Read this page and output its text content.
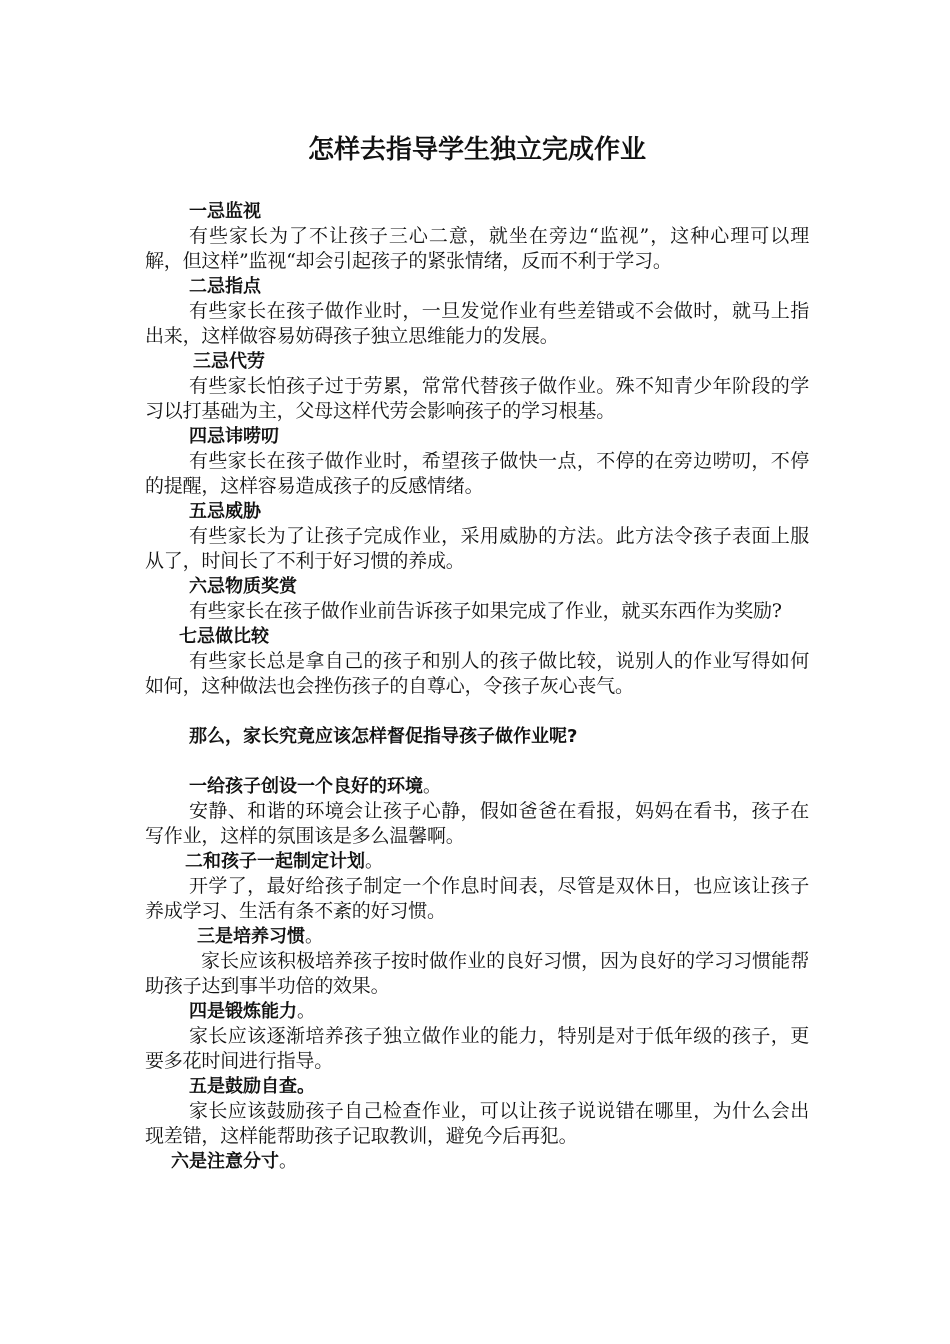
怎样去指导学生独立完成作业

一忌监视

有些家长为了不让孩子三心二意，就坐在旁边“监视”，这种心理可以理解，但这样”监视“却会引起孩子的紧张情绪，反而不利于学习。

二忌指点

有些家长在孩子做作业时，一旦发觉作业有些差错或不会做时，就马上指出来，这样做容易妨碍孩子独立思维能力的发展。

三忌代劳

有些家长怕孩子过于劳累，常常代替孩子做作业。殊不知青少年阶段的学习以打基础为主，父母这样代劳会影响孩子的学习根基。

四忌讳唠叨

有些家长在孩子做作业时，希望孩子做快一点，不停的在旁边唠叨，不停的提醒，这样容易造成孩子的反感情绪。

五忌威胁

有些家长为了让孩子完成作业，采用威胁的方法。此方法令孩子表面上服从了，时间长了不利于好习惯的养成。

六忌物质奖赏

有些家长在孩子做作业前告诉孩子如果完成了作业，就买东西作为奖励?

七忌做比较

有些家长总是拿自己的孩子和别人的孩子做比较，说别人的作业写得如何如何，这种做法也会挫伤孩子的自尊心，令孩子灰心丧气。

那么，家长究竟应该怎样督促指导孩子做作业呢?

一给孩子创设一个良好的环境。

安静、和谐的环境会让孩子心静，假如爸爸在看报，妈妈在看书，孩子在写作业，这样的氛围该是多么温馨啊。

二和孩子一起制定计划。

开学了，最好给孩子制定一个作息时间表，尽管是双休日，也应该让孩子养成学习、生活有条不紊的好习惯。

三是培养习惯。

家长应该积极培养孩子按时做作业的良好习惯，因为良好的学习习惯能帮助孩子达到事半功倍的效果。

四是锻炼能力。

家长应该逐渐培养孩子独立做作业的能力，特别是对于低年级的孩子，更要多花时间进行指导。

五是鼓励自查。

家长应该鼓励孩子自己检查作业，可以让孩子说说错在哪里，为什么会出现差错，这样能帮助孩子记取教训，避免今后再犯。

六是注意分寸。
